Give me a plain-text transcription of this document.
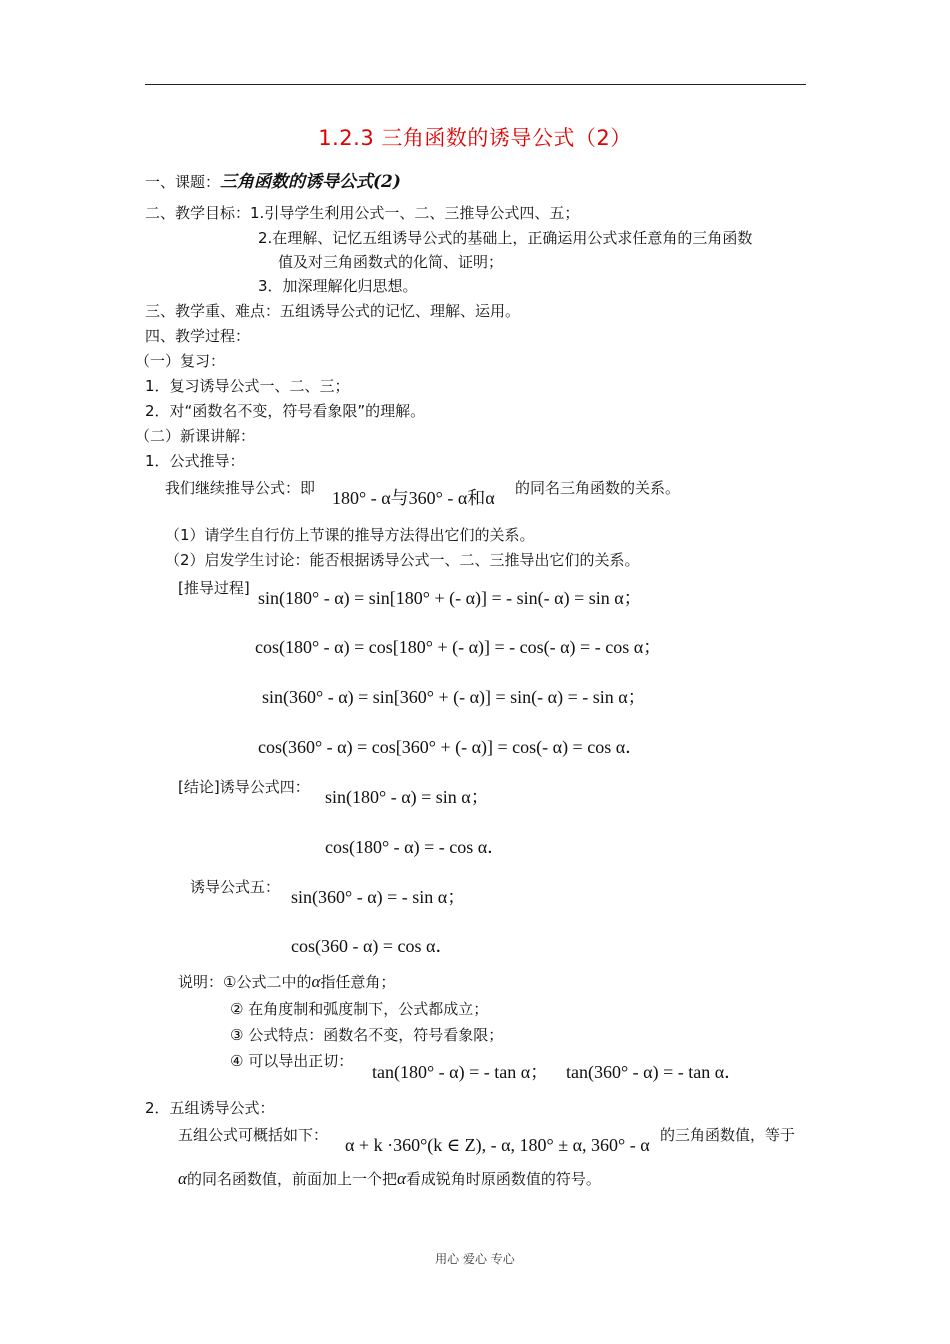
1.2.3 三角函数的诱导公式（2）
一、课题：三角函数的诱导公式(2)
二、教学目标：1.引导学生利用公式一、二、三推导公式四、五；
2.在理解、记忆五组诱导公式的基础上，正确运用公式求任意角的三角函数
值及对三角函数式的化简、证明；
3．加深理解化归思想。
三、教学重、难点：五组诱导公式的记忆、理解、运用。
四、教学过程：
（一）复习：
1．复习诱导公式一、二、三；
2．对“函数名不变，符号看象限”的理解。
（二）新课讲解：
1．公式推导：
我们继续推导公式：即 180° - α与360° - α和α 的同名三角函数的关系。
（1）请学生自行仿上节课的推导方法得出它们的关系。
（2）启发学生讨论：能否根据诱导公式一、二、三推导出它们的关系。
[推导过程] sin(180° - α) = sin[180° + (- α)] = - sin(- α) = sin α；
cos(180° - α) = cos[180° + (- α)] = - cos(- α) = - cos α；
sin(360° - α) = sin[360° + (- α)] = sin(- α) = - sin α；
cos(360° - α) = cos[360° + (- α)] = cos(- α) = cos α．
[结论]诱导公式四： sin(180° - α) = sin α；
cos(180° - α) = - cos α．
诱导公式五： sin(360° - α) = - sin α；
cos(360 - α) = cos α．
说明：①公式二中的α指任意角；
② 在角度制和弧度制下，公式都成立；
③ 公式特点：函数名不变，符号看象限；
④ 可以导出正切：
tan(180° - α) = - tan α； tan(360° - α) = - tan α．
2．五组诱导公式：
五组公式可概括如下： α + k ·360°(k ∈ Z), - α, 180° ± α, 360° - α 的三角函数值，等于
α的同名函数值，前面加上一个把α看成锐角时原函数值的符号。
用心 爱心 专心
